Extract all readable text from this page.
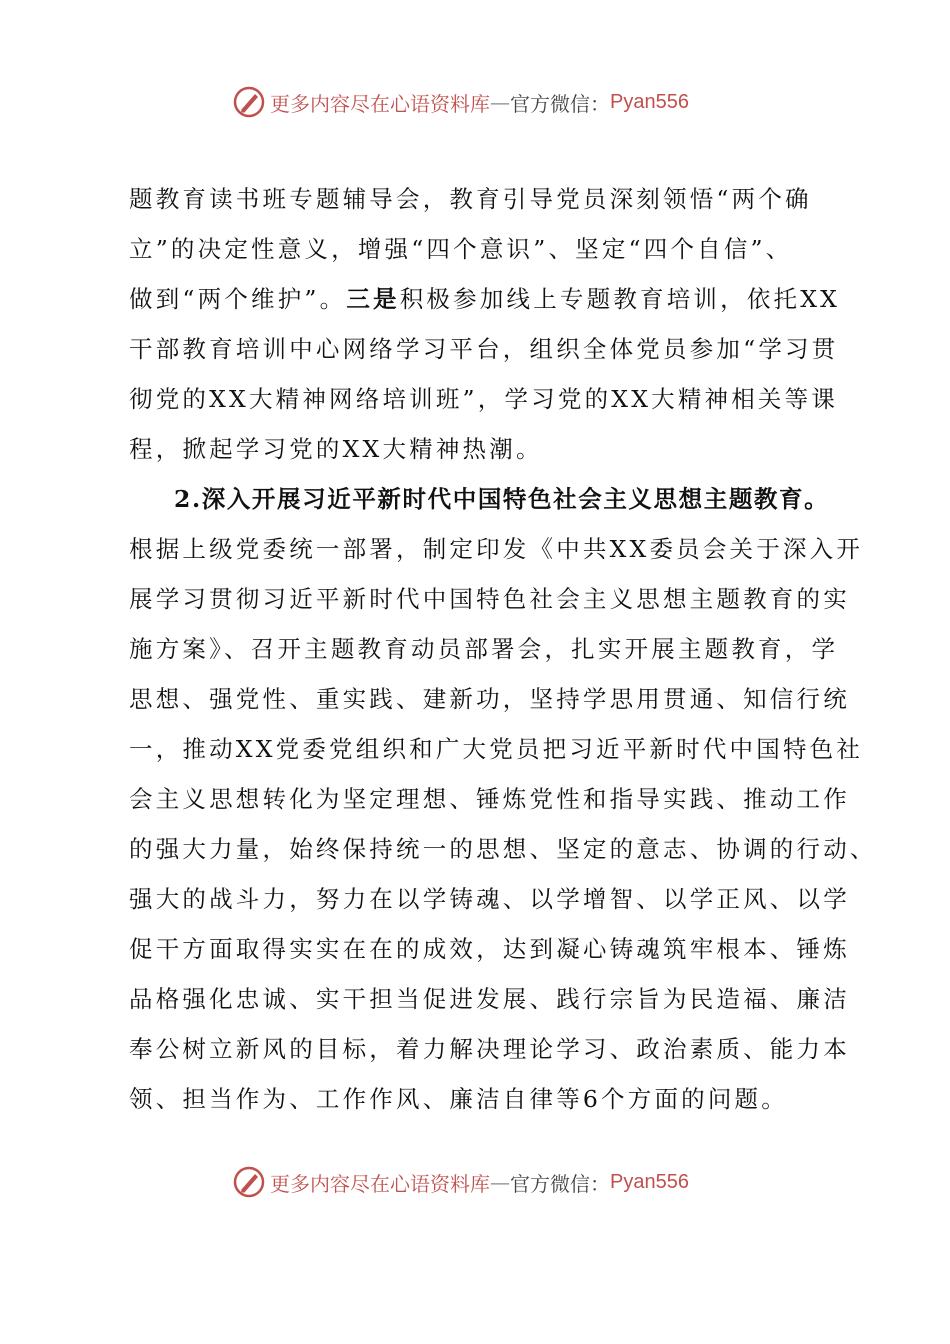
更多内容尽在心语资料库 — 官方微信： Pyan556
题教育读书班专题辅导会，教育引导党员深刻领悟“两个确
立”的决定性意义，增强“四个意识”、坚定“四个自信”、
做到“两个维护”。三是积极参加线上专题教育培训，依托XX
干部教育培训中心网络学习平台，组织全体党员参加“学习贯
彻党的XX大精神网络培训班”，学习党的XX大精神相关等课
程，掀起学习党的XX大精神热潮。
2.深入开展习近平新时代中国特色社会主义思想主题教育。
根据上级党委统一部署，制定印发《中共XX委员会关于深入开
展学习贯彻习近平新时代中国特色社会主义思想主题教育的实
施方案》、召开主题教育动员部署会，扎实开展主题教育，学
思想、强党性、重实践、建新功，坚持学思用贯通、知信行统
一，推动XX党委党组织和广大党员把习近平新时代中国特色社
会主义思想转化为坚定理想、锤炼党性和指导实践、推动工作
的强大力量，始终保持统一的思想、坚定的意志、协调的行动、
强大的战斗力，努力在以学铸魂、以学增智、以学正风、以学
促干方面取得实实在在的成效，达到凝心铸魂筑牢根本、锤炼
品格强化忠诚、实干担当促进发展、践行宗旨为民造福、廉洁
奉公树立新风的目标，着力解决理论学习、政治素质、能力本
领、担当作为、工作作风、廉洁自律等6个方面的问题。
更多内容尽在心语资料库 — 官方微信： Pyan556
